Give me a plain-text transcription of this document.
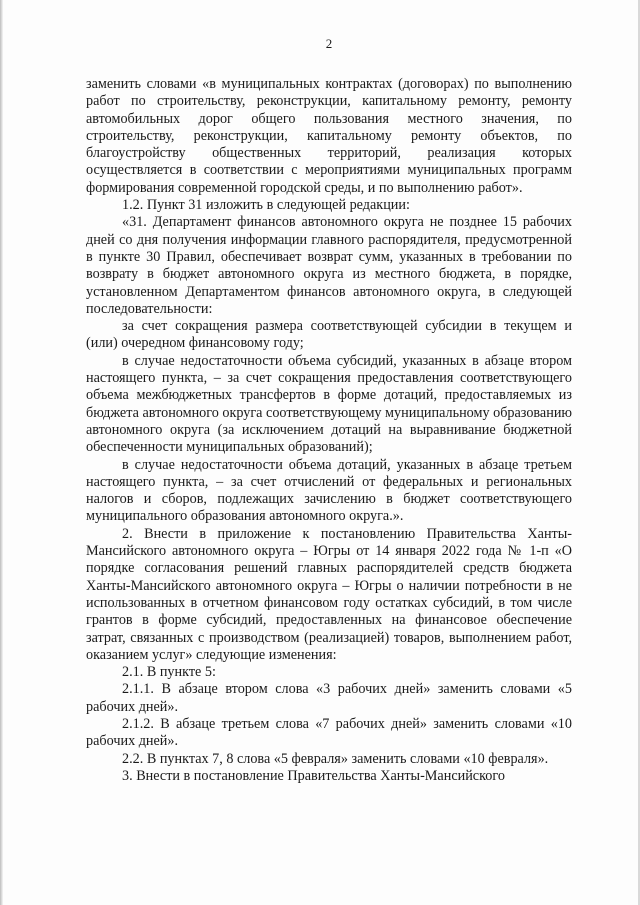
2

заменить словами «в муниципальных контрактах (договорах) по выполнению работ по строительству, реконструкции, капитальному ремонту, ремонту автомобильных дорог общего пользования местного значения, по строительству, реконструкции, капитальному ремонту объектов, по благоустройству общественных территорий, реализация которых осуществляется в соответствии с мероприятиями муниципальных программ формирования современной городской среды, и по выполнению работ».

1.2. Пункт 31 изложить в следующей редакции:

«31. Департамент финансов автономного округа не позднее 15 рабочих дней со дня получения информации главного распорядителя, предусмотренной в пункте 30 Правил, обеспечивает возврат сумм, указанных в требовании по возврату в бюджет автономного округа из местного бюджета, в порядке, установленном Департаментом финансов автономного округа, в следующей последовательности:

за счет сокращения размера соответствующей субсидии в текущем и (или) очередном финансовому году;

в случае недостаточности объема субсидий, указанных в абзаце втором настоящего пункта, – за счет сокращения предоставления соответствующего объема межбюджетных трансфертов в форме дотаций, предоставляемых из бюджета автономного округа соответствующему муниципальному образованию автономного округа (за исключением дотаций на выравнивание бюджетной обеспеченности муниципальных образований);

в случае недостаточности объема дотаций, указанных в абзаце третьем настоящего пункта, – за счет отчислений от федеральных и региональных налогов и сборов, подлежащих зачислению в бюджет соответствующего муниципального образования автономного округа.».

2. Внести в приложение к постановлению Правительства Ханты-Мансийского автономного округа – Югры от 14 января 2022 года № 1-п «О порядке согласования решений главных распорядителей средств бюджета Ханты-Мансийского автономного округа – Югры о наличии потребности в не использованных в отчетном финансовом году остатках субсидий, в том числе грантов в форме субсидий, предоставленных на финансовое обеспечение затрат, связанных с производством (реализацией) товаров, выполнением работ, оказанием услуг» следующие изменения:

2.1. В пункте 5:

2.1.1. В абзаце втором слова «3 рабочих дней» заменить словами «5 рабочих дней».

2.1.2. В абзаце третьем слова «7 рабочих дней» заменить словами «10 рабочих дней».

2.2. В пунктах 7, 8 слова «5 февраля» заменить словами «10 февраля».

3. Внести в постановление Правительства Ханты-Мансийского
